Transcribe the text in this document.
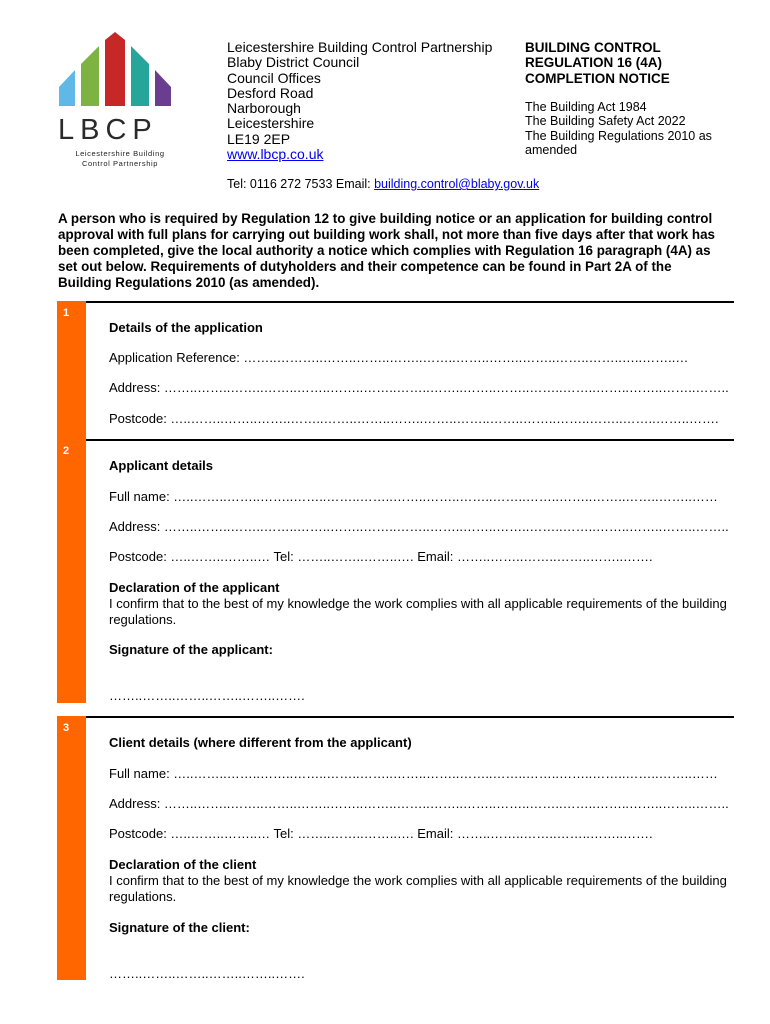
LBCP
Leicestershire Building
Control Partnership
Leicestershire Building Control Partnership
Blaby District Council
Council Offices
Desford Road
Narborough
Leicestershire
LE19 2EP
www.lbcp.co.uk
BUILDING CONTROL
REGULATION 16 (4A)
COMPLETION NOTICE
The Building Act 1984
The Building Safety Act 2022
The Building Regulations 2010 as
amended
Tel: 0116 272 7533 Email: building.control@blaby.gov.uk
A person who is required by Regulation 12 to give building notice or an application for building control approval with full plans for carrying out building work shall, not more than five days after that work has been completed, give the local authority a notice which complies with Regulation 16 paragraph (4A) as set out below. Requirements of dutyholders and their competence can be found in Part 2A of the Building Regulations 2010 (as amended).
1
Details of the application
Application Reference: ……..………..……..……..……..……..……..……..……..……..……..…..……..…
Address: ……..……..……..……..……..……..……..……..……..……..……..……..……..……..……..……..……..
Postcode: …..……..……..……..……..……..……..……..……..……..……..……..……..……..……..……..…….
2
Applicant details
Full name: …..……..……..……..……..……..……..……..……..……..……..……..……..……..……..……..……
Address: ……..……..……..……..……..……..……..……..……..……..……..……..……..……..……..……..……..
Postcode: …..……..……..… Tel: ……..……..……..…. Email: ……..……..……..……..……..…….
Declaration of the applicant
I confirm that to the best of my knowledge the work complies with all applicable requirements of the building regulations.
Signature of the applicant:
……..……..……..……..……..…….
3
Client details (where different from the applicant)
Full name: …..……..……..……..……..……..……..……..……..……..……..……..……..……..……..……..……
Address: ……..……..……..……..……..……..……..……..……..……..……..……..……..……..……..……..……..
Postcode: …..……..……..… Tel: ……..……..……..…. Email: ……..……..……..……..……..…….
Declaration of the client
I confirm that to the best of my knowledge the work complies with all applicable requirements of the building regulations.
Signature of the client:
……..……..……..……..……..…….
